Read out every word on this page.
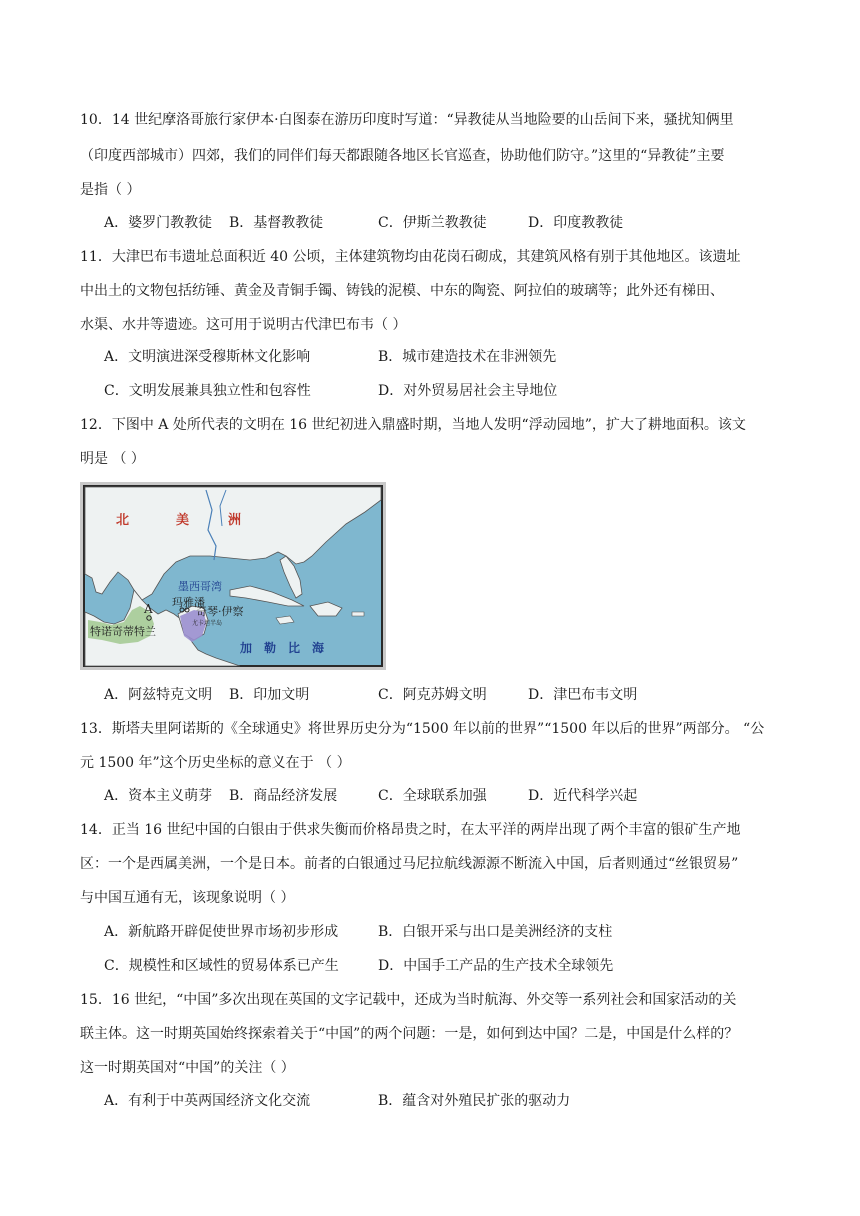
10．14 世纪摩洛哥旅行家伊本·白图泰在游历印度时写道：“异教徒从当地险要的山岳间下来，骚扰知俩里
（印度西部城市）四郊，我们的同伴们每天都跟随各地区长官巡查，协助他们防守。”这里的“异教徒”主要
是指（ ）
A．婆罗门教教徒 B．基督教教徒	C．伊斯兰教教徒	D．印度教教徒
11．大津巴布韦遗址总面积近 40 公顷，主体建筑物均由花岗石砌成，其建筑风格有别于其他地区。该遗址
中出土的文物包括纺锤、黄金及青铜手镯、铸钱的泥模、中东的陶瓷、阿拉伯的玻璃等；此外还有梯田、
水渠、水井等遗迹。这可用于说明古代津巴布韦（ ）
A．文明演进深受穆斯林文化影响	B．城市建造技术在非洲领先
C．文明发展兼具独立性和包容性	D．对外贸易居社会主导地位
12．下图中 A 处所代表的文明在 16 世纪初进入鼎盛时期，当地人发明“浮动园地”，扩大了耕地面积。该文
明是 （ ）
北	美	洲
墨西哥湾
玛雅潘
奇琴·伊察
尤卡坦半岛
A
特诺奇蒂特兰
加 勒 比 海
A．阿兹特克文明 B．印加文明	C．阿克苏姆文明	D．津巴布韦文明
13．斯塔夫里阿诺斯的《全球通史》将世界历史分为“1500 年以前的世界”“1500 年以后的世界”两部分。 “公
元 1500 年”这个历史坐标的意义在于 （ ）
A．资本主义萌芽 B．商品经济发展	C．全球联系加强	D．近代科学兴起
14．正当 16 世纪中国的白银由于供求失衡而价格昂贵之时，在太平洋的两岸出现了两个丰富的银矿生产地
区：一个是西属美洲，一个是日本。前者的白银通过马尼拉航线源源不断流入中国，后者则通过“丝银贸易”
与中国互通有无，该现象说明（ ）
A．新航路开辟促使世界市场初步形成	B．白银开采与出口是美洲经济的支柱
C．规模性和区域性的贸易体系已产生	D．中国手工产品的生产技术全球领先
15．16 世纪，“中国”多次出现在英国的文字记载中，还成为当时航海、外交等一系列社会和国家活动的关
联主体。这一时期英国始终探索着关于“中国”的两个问题：一是，如何到达中国？二是，中国是什么样的？
这一时期英国对“中国”的关注（ ）
A．有利于中英两国经济文化交流	B．蕴含对外殖民扩张的驱动力
